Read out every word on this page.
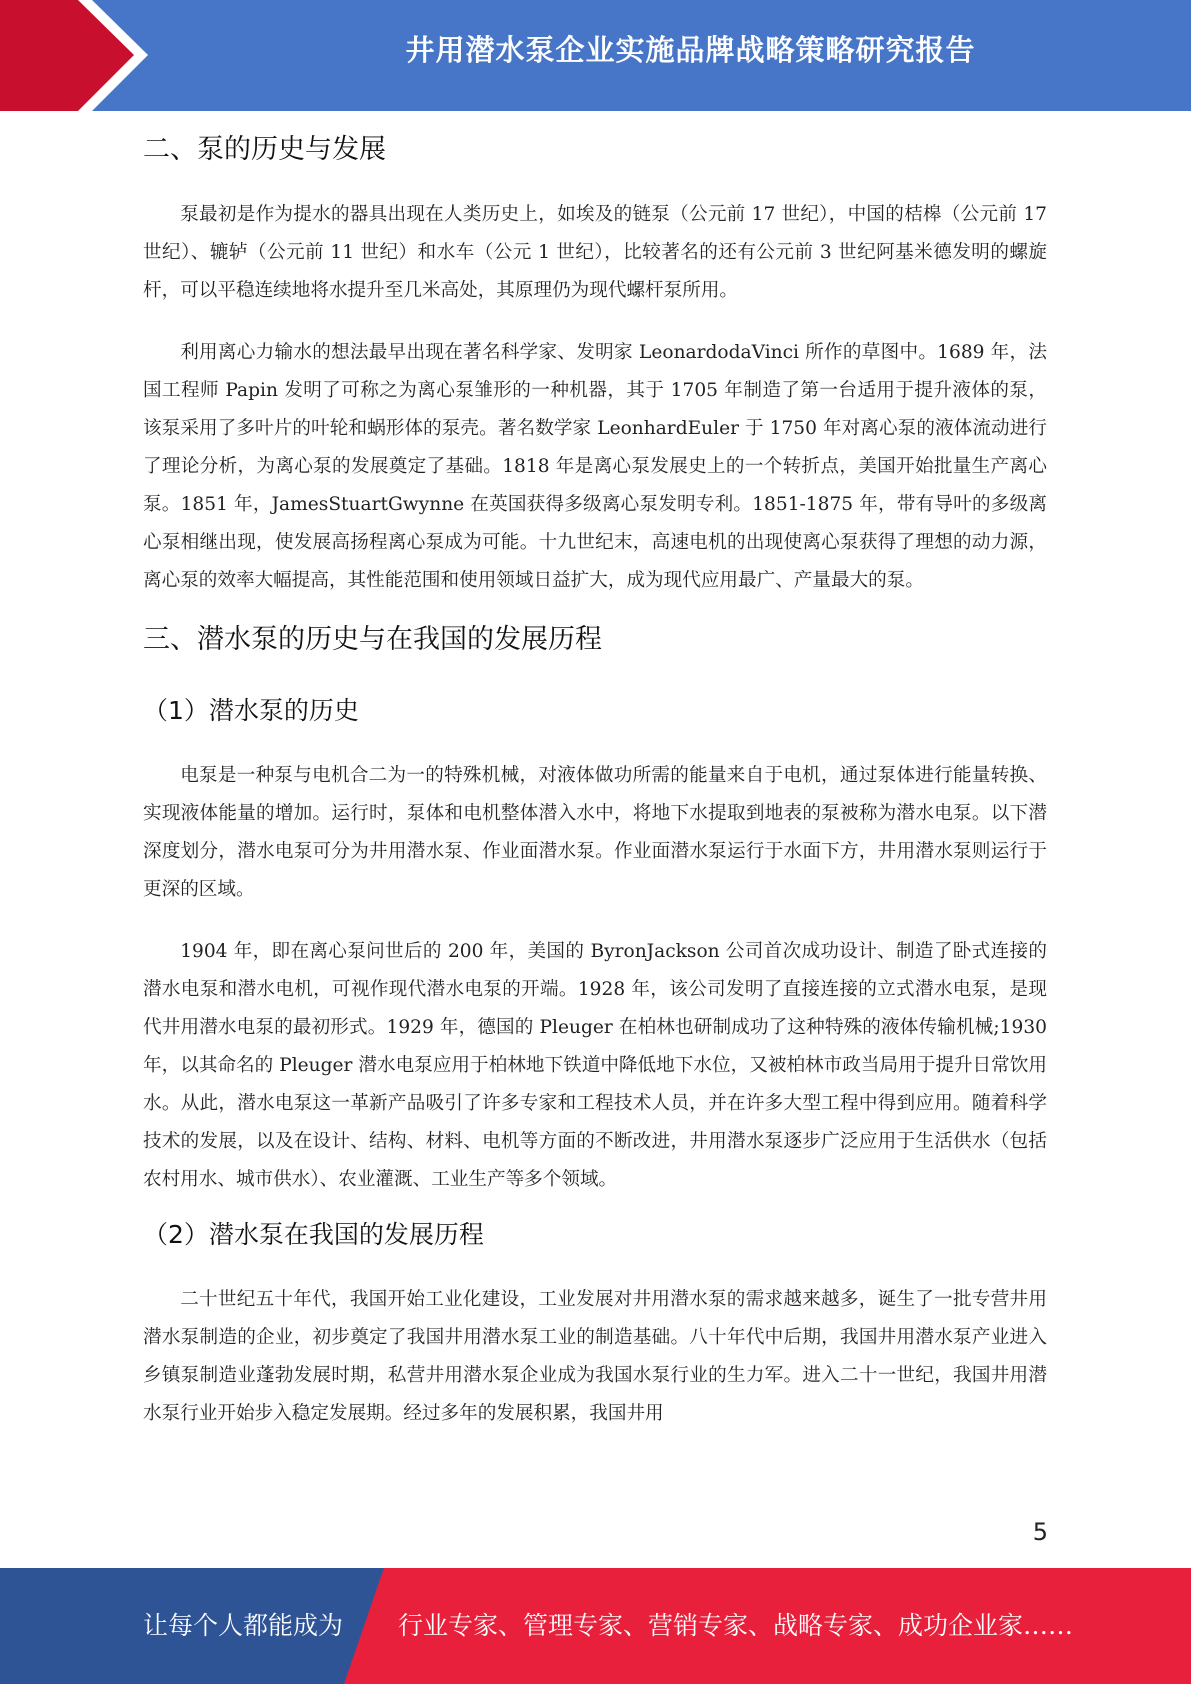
井用潜水泵企业实施品牌战略策略研究报告
二、泵的历史与发展

泵最初是作为提水的器具出现在人类历史上，如埃及的链泵（公元前 17 世纪），中国的桔槔（公元前 17 世纪）、辘轳（公元前 11 世纪）和水车（公元 1 世纪），比较著名的还有公元前 3 世纪阿基米德发明的螺旋杆，可以平稳连续地将水提升至几米高处，其原理仍为现代螺杆泵所用。

利用离心力输水的想法最早出现在著名科学家、发明家 LeonardodaVinci 所作的草图中。1689 年，法国工程师 Papin 发明了可称之为离心泵雏形的一种机器，其于 1705 年制造了第一台适用于提升液体的泵，该泵采用了多叶片的叶轮和蜗形体的泵壳。著名数学家 LeonhardEuler 于 1750 年对离心泵的液体流动进行了理论分析，为离心泵的发展奠定了基础。1818 年是离心泵发展史上的一个转折点，美国开始批量生产离心泵。1851 年，JamesStuartGwynne 在英国获得多级离心泵发明专利。1851-1875 年，带有导叶的多级离心泵相继出现，使发展高扬程离心泵成为可能。十九世纪末，高速电机的出现使离心泵获得了理想的动力源，离心泵的效率大幅提高，其性能范围和使用领域日益扩大，成为现代应用最广、产量最大的泵。

三、潜水泵的历史与在我国的发展历程
（1）潜水泵的历史

电泵是一种泵与电机合二为一的特殊机械，对液体做功所需的能量来自于电机，通过泵体进行能量转换、实现液体能量的增加。运行时，泵体和电机整体潜入水中，将地下水提取到地表的泵被称为潜水电泵。以下潜深度划分，潜水电泵可分为井用潜水泵、作业面潜水泵。作业面潜水泵运行于水面下方，井用潜水泵则运行于更深的区域。

1904 年，即在离心泵问世后的 200 年，美国的 ByronJackson 公司首次成功设计、制造了卧式连接的潜水电泵和潜水电机，可视作现代潜水电泵的开端。1928 年，该公司发明了直接连接的立式潜水电泵，是现代井用潜水电泵的最初形式。1929 年，德国的 Pleuger 在柏林也研制成功了这种特殊的液体传输机械;1930 年，以其命名的 Pleuger 潜水电泵应用于柏林地下铁道中降低地下水位，又被柏林市政当局用于提升日常饮用水。从此，潜水电泵这一革新产品吸引了许多专家和工程技术人员，并在许多大型工程中得到应用。随着科学技术的发展，以及在设计、结构、材料、电机等方面的不断改进，井用潜水泵逐步广泛应用于生活供水（包括农村用水、城市供水）、农业灌溉、工业生产等多个领域。

（2）潜水泵在我国的发展历程

二十世纪五十年代，我国开始工业化建设，工业发展对井用潜水泵的需求越来越多，诞生了一批专营井用潜水泵制造的企业，初步奠定了我国井用潜水泵工业的制造基础。八十年代中后期，我国井用潜水泵产业进入乡镇泵制造业蓬勃发展时期，私营井用潜水泵企业成为我国水泵行业的生力军。进入二十一世纪，我国井用潜水泵行业开始步入稳定发展期。经过多年的发展积累，我国井用

5
让每个人都能成为 行业专家、管理专家、营销专家、战略专家、成功企业家……
